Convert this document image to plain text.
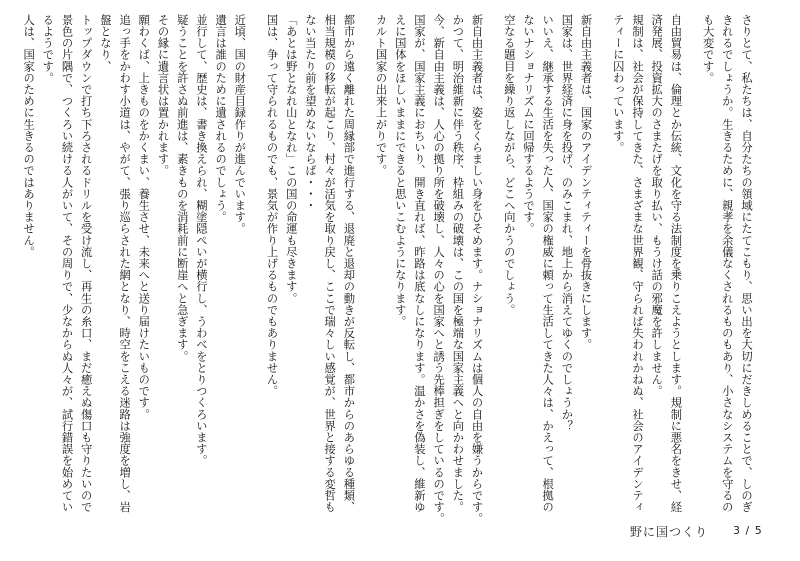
さりとて、私たちは、自分たちの領域にたてこもり、思い出を大切にだきしめることで、しのぎ
きれるでしょうか。生きるために、親孝を余儀なくされるものもあり、小さなシステムを守るの
も大変です。
自由貿易は、倫理とか伝統、文化を守る法制度を乗りこえようとします。規制に悪名をきせ、経
済発展、投資拡大のさまたげを取り払い、もうけ話の邪魔を許しません。
規制は、社会が保持してきた、さまざまな世界観、守られば失われかねぬ、社会のアイデンティ
ティーに囚わっています。
新自由主義者は、国家のアイデンティティーを骨抜きにします。
国家は、世界経済に身を投げ、のみこまれ、地上から消えてゆくのでしょうか？
いいえ、継承する生活を失った人、国家の権威に頼って生活してきた人々は、かえって、根拠の
ないナショナリズムに回帰するようです。
空なる題目を繰り返しながら、どこへ向かうのでしょう。
新自由主義者は、姿をくらましい身をひそめます。ナショナリズムは個人の自由を嫌うからです。
かつて、明治維新に伴う秩序、枠組みの破壊は、この国を極端な国家主義へと向かわせました。
今、新自由主義は、人心の拠り所を破壊し、人々の心を国家へと誘う先棒担ぎをしているのです。
国家が、国家主義におちいり、開き直れば、昨路は底なしになります。温かさを偽装し、維新ゆ
えに国体をほしいままにできると思いこむようになります。
カルト国家の出来上がりです。
都市から遠く離れた周縁部で進行する、退廃と退却の動きが反転し、都市からのあらゆる種類、
相当規模の移転が起こり、村々が活気を取り戻し、ここで瑞々しい感覚が、世界と接する変哲も
ない当たり前を望めないならば・・・
「あとは野となれ山となれ」この国の命運も尽きます。
国は、争って守られるものでも、景気が作り上げるものでもありません。
近頃、国の財産目録作りが進んでいます。
遺言は誰のために遺されるのでしょう。
並行して、歴史は、書き換えられ、糊塗隠ぺいが横行し、うわべをとりつくろいます。
疑うことを許さぬ前進は、素きものを消耗前に断崖へと急ぎます。
その縁に遺言状は置かれます。
願わくば、上きものをかくまい、養生させ、未来へと送り届けたいものです。
追っ手をかわす小道は、やがて、張り巡らされた網となり、時空をこえる迷路は強度を増し、岩
盤となり、
トップダウンで打ち下ろされるドリルを受け流し、再生の糸口、まだ癒えぬ傷口も守りたいので
景色の片隅で、つくろい続ける人がいて、その周りで、少なからぬ人々が、試行錯誤を始めてい
るようです。
人は、国家のために生きるのではありません。
野に国つくり 3 / 5
